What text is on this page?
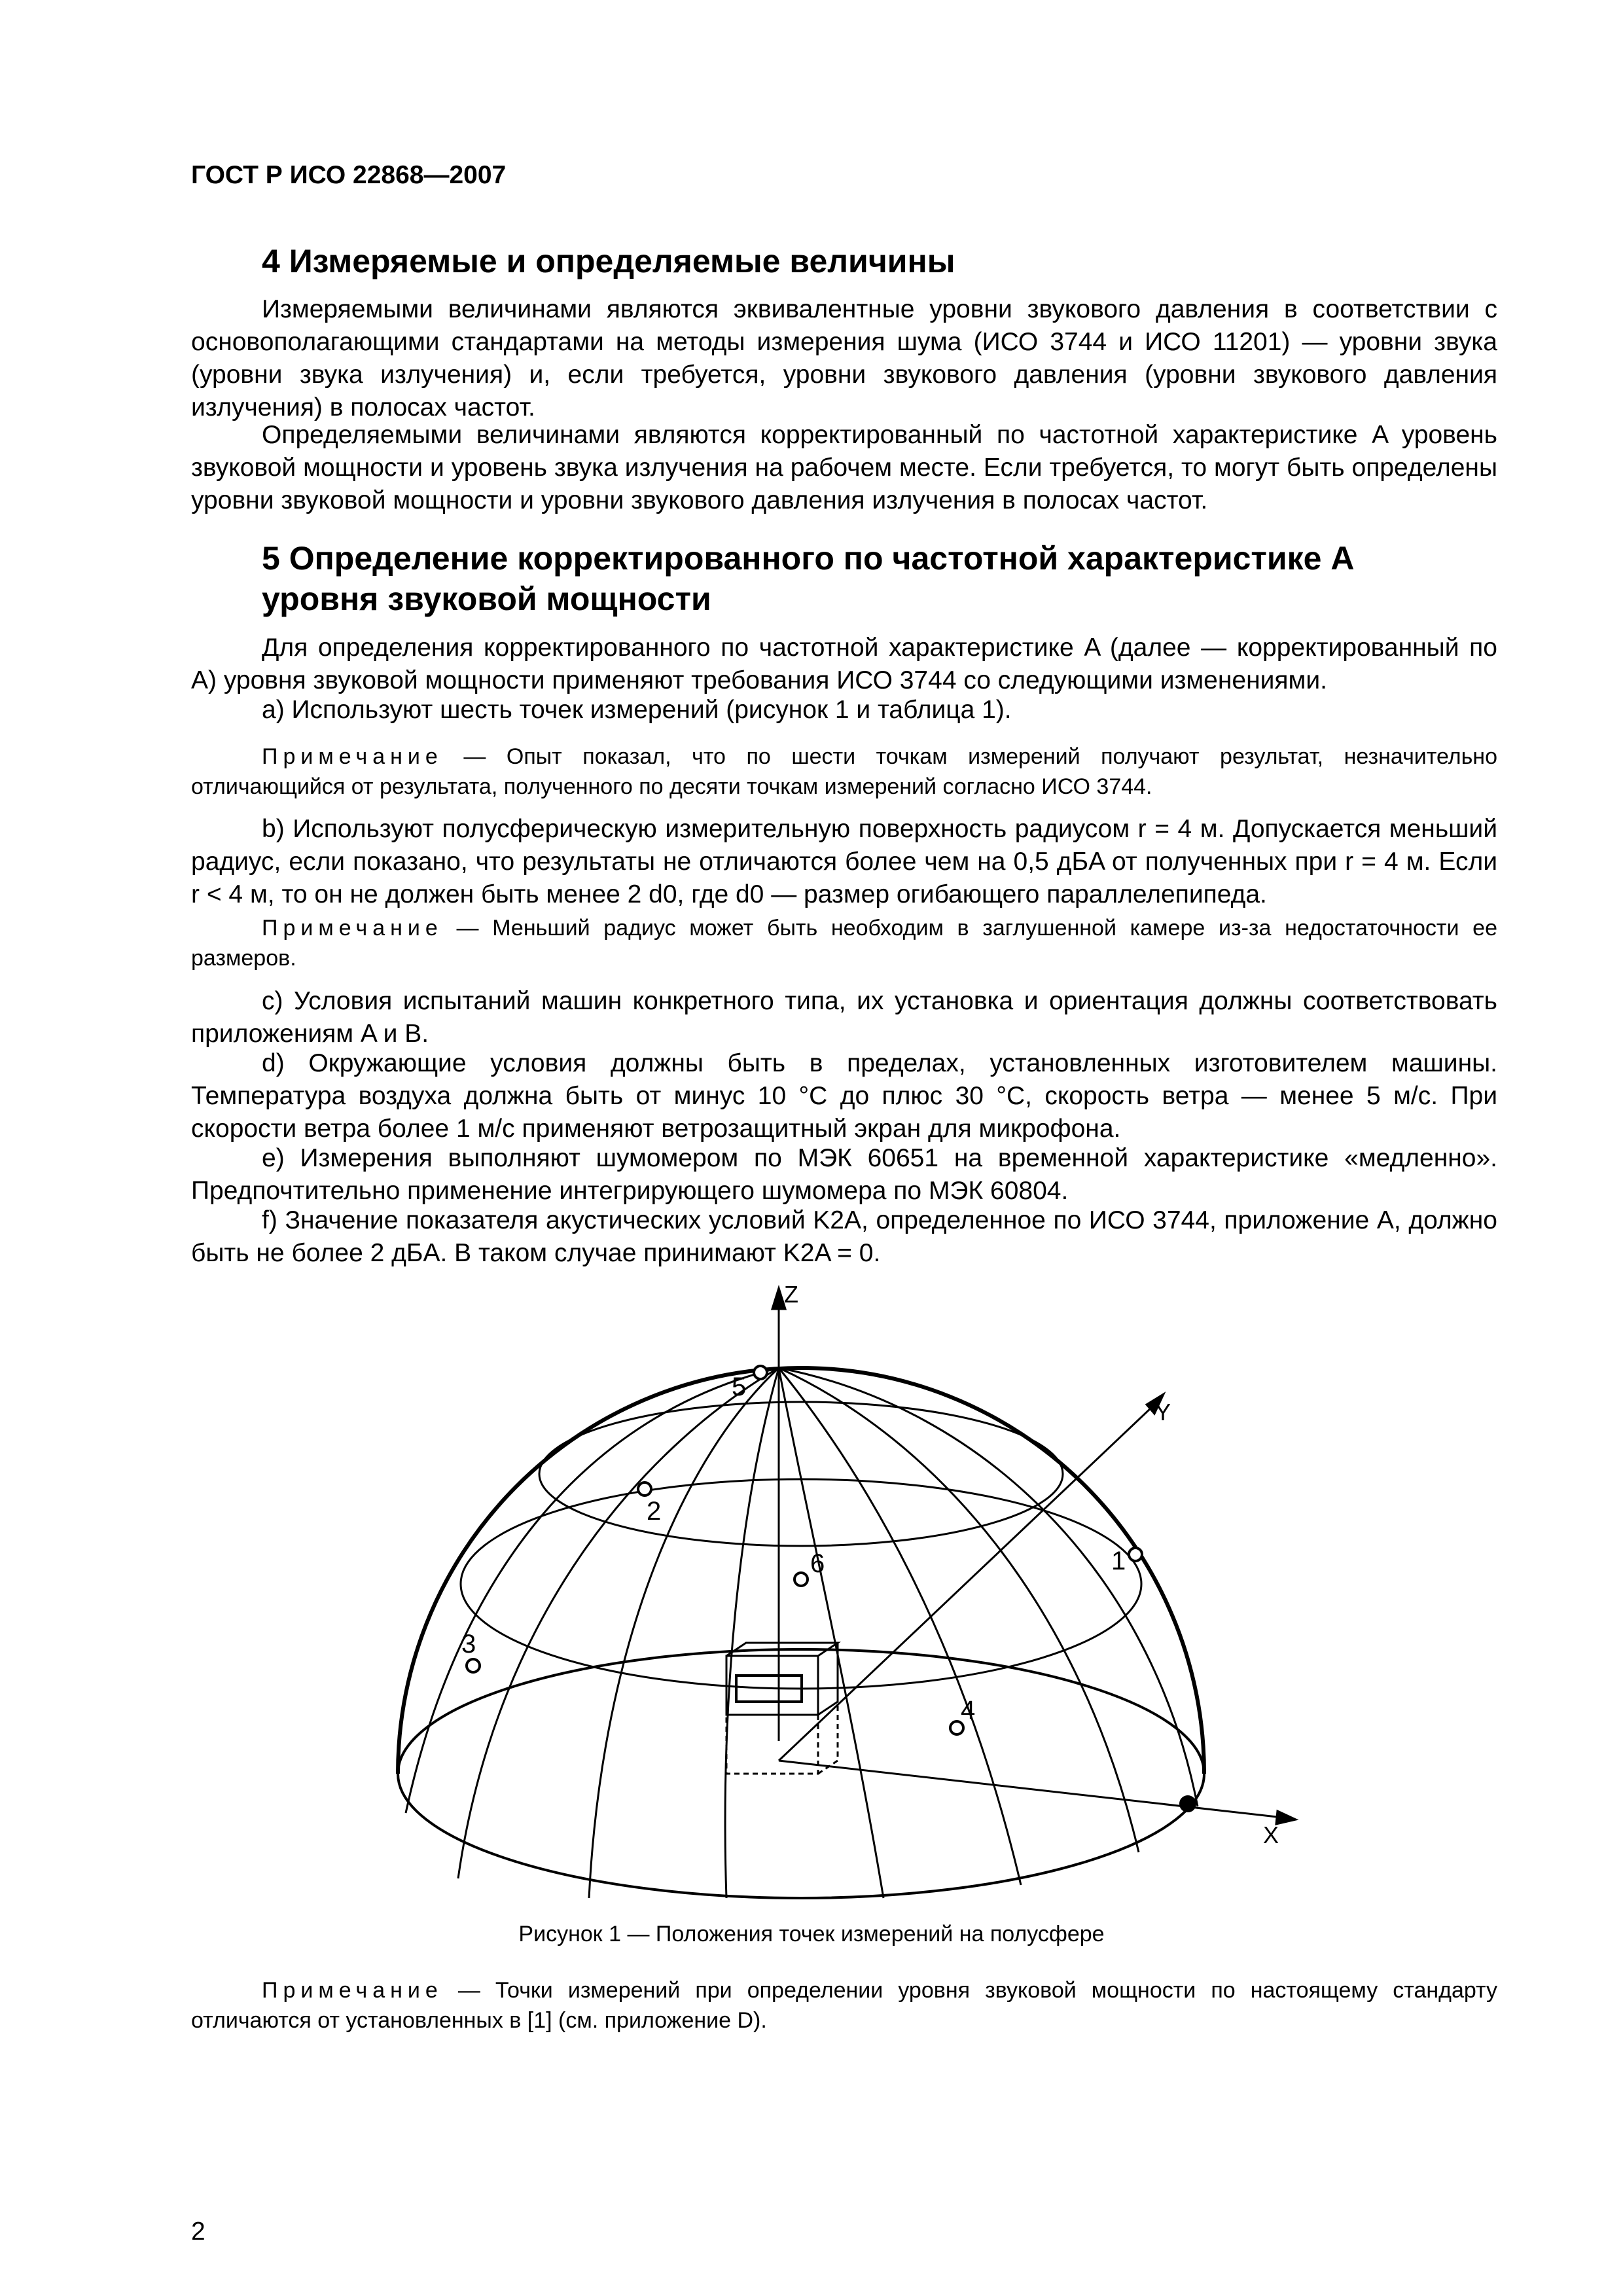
ГОСТ Р ИСО 22868—2007
4 Измеряемые и определяемые величины
Измеряемыми величинами являются эквивалентные уровни звукового давления в соответствии с основополагающими стандартами на методы измерения шума (ИСО 3744 и ИСО 11201) — уровни звука (уровни звука излучения) и, если требуется, уровни звукового давления (уровни звукового давления излучения) в полосах частот.
Определяемыми величинами являются корректированный по частотной характеристике A уровень звуковой мощности и уровень звука излучения на рабочем месте. Если требуется, то могут быть определены уровни звуковой мощности и уровни звукового давления излучения в полосах частот.
5 Определение корректированного по частотной характеристике A
уровня звуковой мощности
Для определения корректированного по частотной характеристике A (далее — корректированный по A) уровня звуковой мощности применяют требования ИСО 3744 со следующими изменениями.
a) Используют шесть точек измерений (рисунок 1 и таблица 1).
Примечание — Опыт показал, что по шести точкам измерений получают результат, незначительно отличающийся от результата, полученного по десяти точкам измерений согласно ИСО 3744.
b) Используют полусферическую измерительную поверхность радиусом r = 4 м. Допускается меньший радиус, если показано, что результаты не отличаются более чем на 0,5 дБA от полученных при r = 4 м. Если r < 4 м, то он не должен быть менее 2 d0, где d0 — размер огибающего параллелепипеда.
Примечание — Меньший радиус может быть необходим в заглушенной камере из-за недостаточности ее размеров.
c) Условия испытаний машин конкретного типа, их установка и ориентация должны соответствовать приложениям A и B.
d) Окружающие условия должны быть в пределах, установленных изготовителем машины. Температура воздуха должна быть от минус 10 °C до плюс 30 °C, скорость ветра — менее 5 м/с. При скорости ветра более 1 м/с применяют ветрозащитный экран для микрофона.
e) Измерения выполняют шумомером по МЭК 60651 на временной характеристике «медленно». Предпочтительно применение интегрирующего шумомера по МЭК 60804.
f) Значение показателя акустических условий K2A, определенное по ИСО 3744, приложение A, должно быть не более 2 дБA. В таком случае принимают K2A = 0.
Z
Y
X
1
2
3
4
5
6
Рисунок 1 — Положения точек измерений на полусфере
Примечание — Точки измерений при определении уровня звуковой мощности по настоящему стандарту отличаются от установленных в [1] (см. приложение D).
2
